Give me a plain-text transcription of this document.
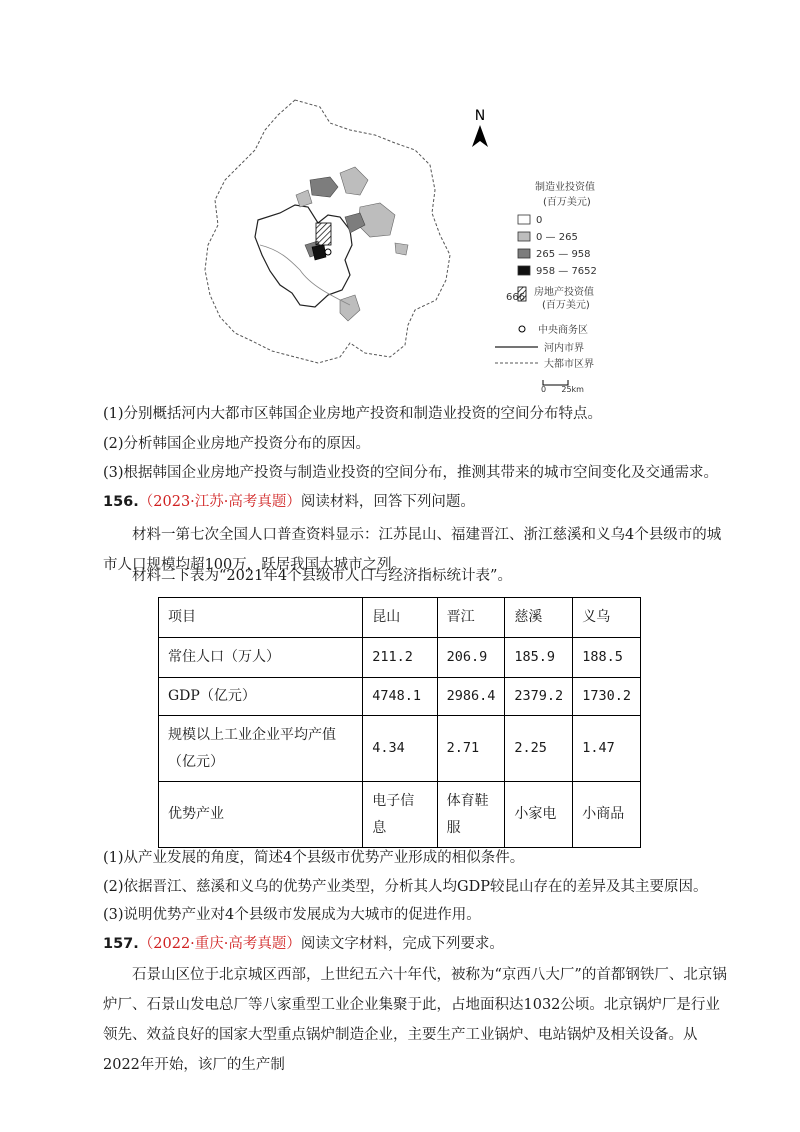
N
制造业投资值
(百万美元)
0
0 — 265
265 — 958
958 — 7652
666 房地产投资值
(百万美元)
中央商务区
河内市界
大都市区界
0      25km
(1)分别概括河内大都市区韩国企业房地产投资和制造业投资的空间分布特点。
(2)分析韩国企业房地产投资分布的原因。
(3)根据韩国企业房地产投资与制造业投资的空间分布，推测其带来的城市空间变化及交通需求。
156.（2023·江苏·高考真题）阅读材料，回答下列问题。
材料一第七次全国人口普查资料显示：江苏昆山、福建晋江、浙江慈溪和义乌4个县级市的城市人口规模均超100万，跃居我国大城市之列。
材料二下表为“2021年4个县级市人口与经济指标统计表”。
项目	昆山	晋江	慈溪	义乌
常住人口（万人）	211.2	206.9	185.9	188.5
GDP（亿元）	4748.1	2986.4	2379.2	1730.2
规模以上工业企业平均产值（亿元）	4.34	2.71	2.25	1.47
优势产业	电子信息	体育鞋服	小家电	小商品
(1)从产业发展的角度，简述4个县级市优势产业形成的相似条件。
(2)依据晋江、慈溪和义乌的优势产业类型，分析其人均GDP较昆山存在的差异及其主要原因。
(3)说明优势产业对4个县级市发展成为大城市的促进作用。
157.（2022·重庆·高考真题）阅读文字材料，完成下列要求。
石景山区位于北京城区西部，上世纪五六十年代，被称为“京西八大厂”的首都钢铁厂、北京锅炉厂、石景山发电总厂等八家重型工业企业集聚于此，占地面积达1032公顷。北京锅炉厂是行业领先、效益良好的国家大型重点锅炉制造企业，主要生产工业锅炉、电站锅炉及相关设备。从2022年开始，该厂的生产制
